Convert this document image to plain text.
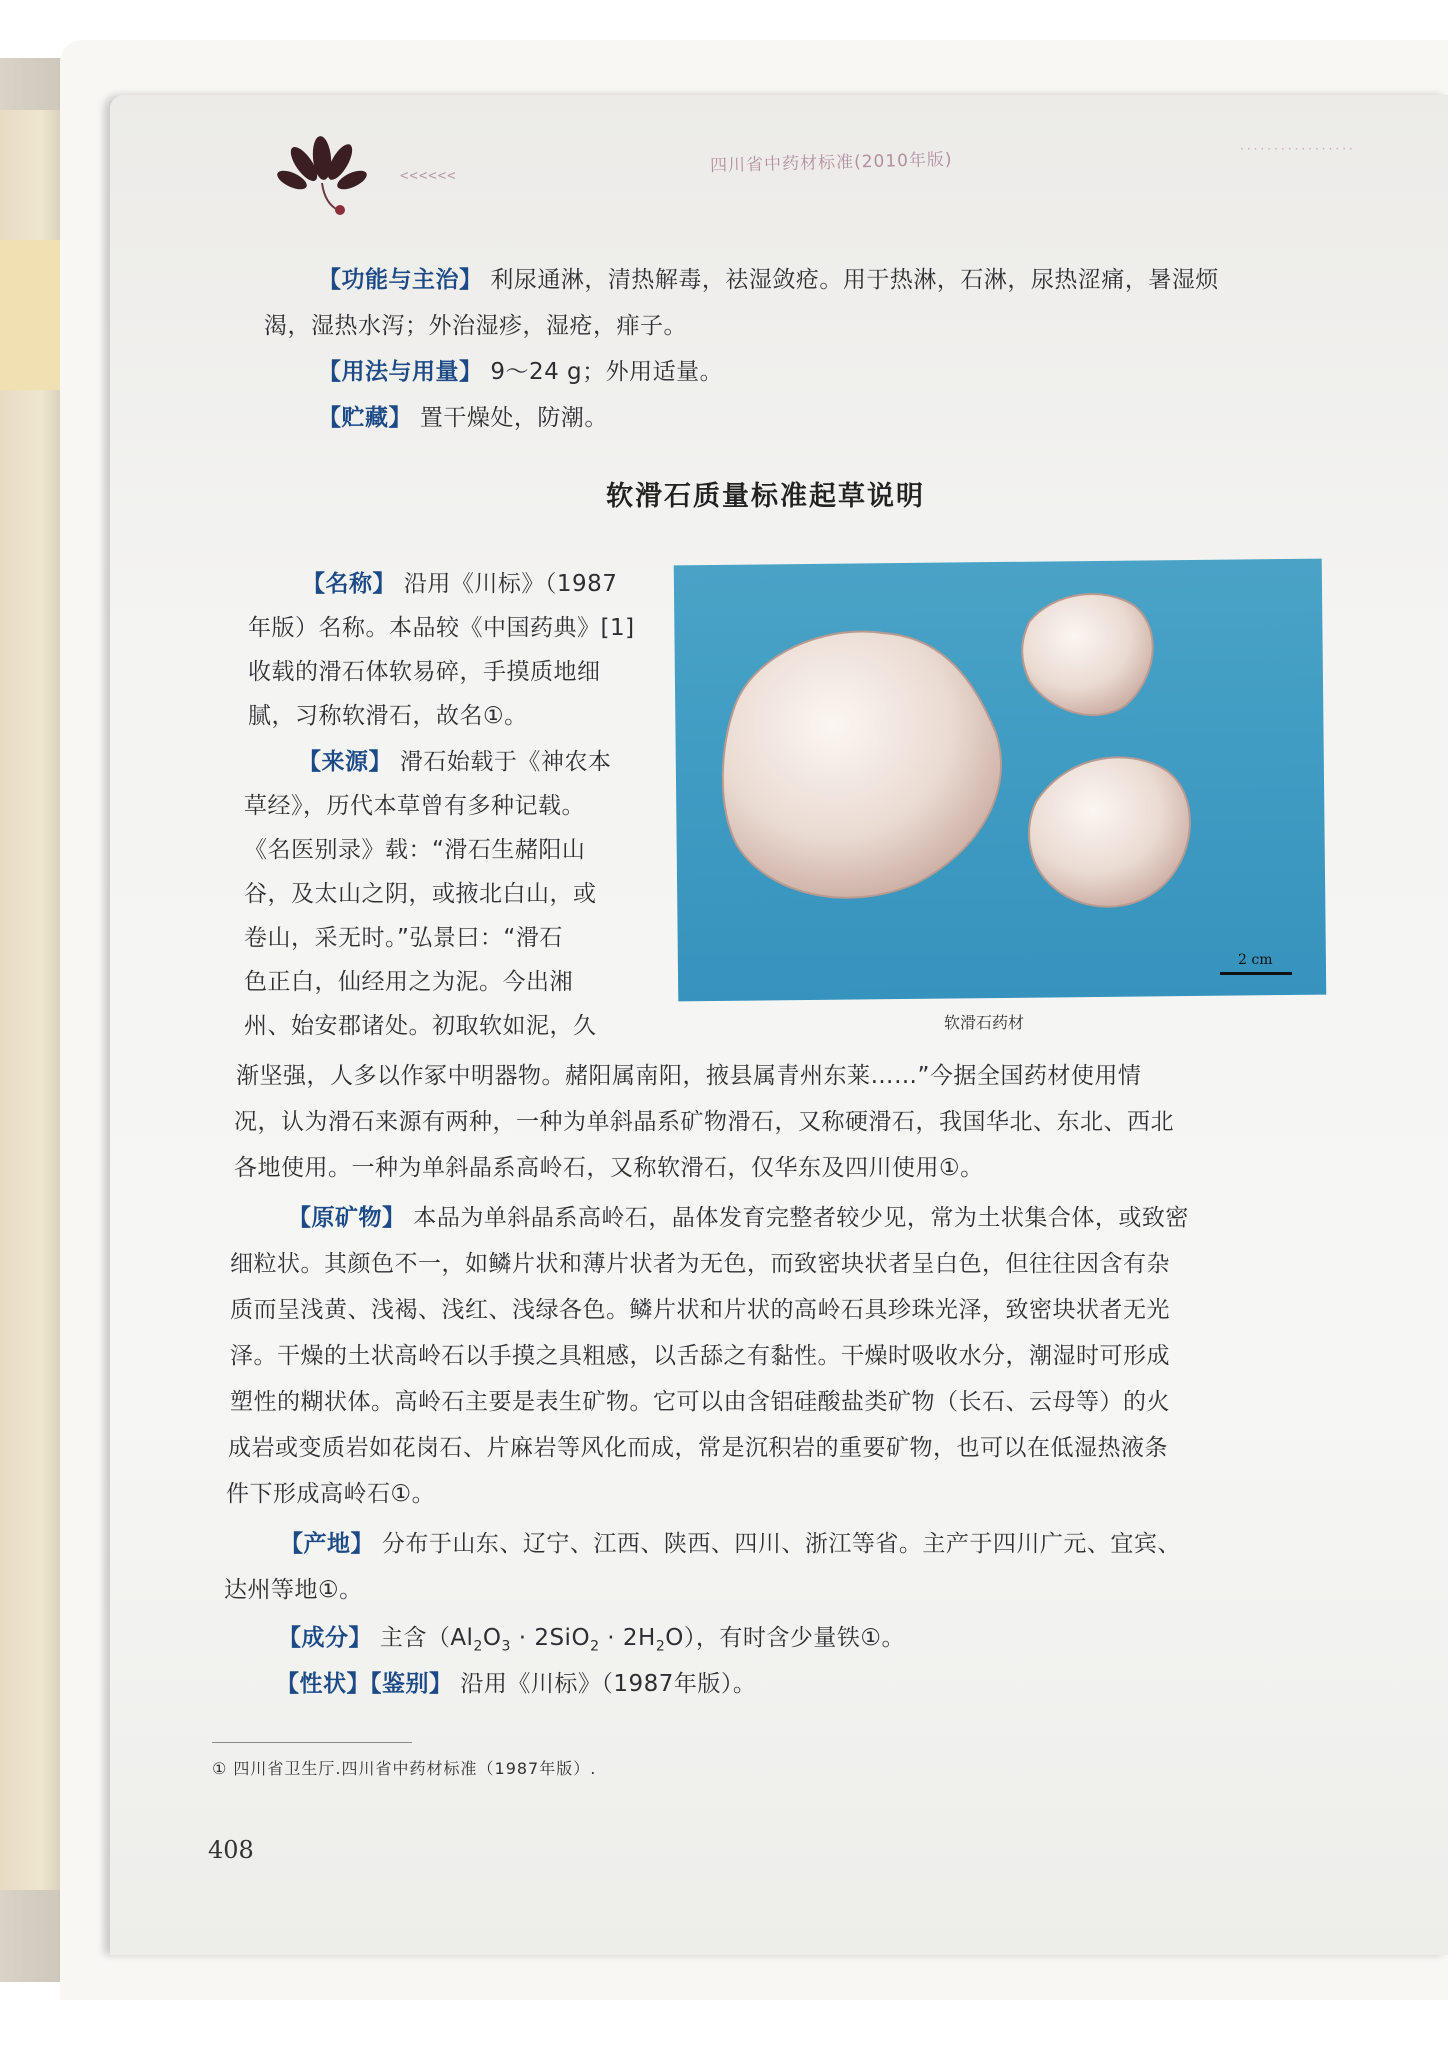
<<<<<<	四川省中药材标准(2010年版)
·················
【功能与主治】 利尿通淋，清热解毒，祛湿敛疮。用于热淋，石淋，尿热涩痛，暑湿烦
渴，湿热水泻；外治湿疹，湿疮，痱子。
【用法与用量】 9～24 g；外用适量。
【贮藏】 置干燥处，防潮。
软滑石质量标准起草说明
【名称】 沿用《川标》（1987
年版）名称。本品较《中国药典》[1]
收载的滑石体软易碎，手摸质地细
腻，习称软滑石，故名①。
【来源】 滑石始载于《神农本
草经》，历代本草曾有多种记载。
《名医别录》载：“滑石生赭阳山
谷，及太山之阴，或掖北白山，或
卷山，采无时。”弘景曰：“滑石
色正白，仙经用之为泥。今出湘
州、始安郡诸处。初取软如泥，久
渐坚强，人多以作冢中明器物。赭阳属南阳，掖县属青州东莱……”今据全国药材使用情
况，认为滑石来源有两种，一种为单斜晶系矿物滑石，又称硬滑石，我国华北、东北、西北
各地使用。一种为单斜晶系高岭石，又称软滑石，仅华东及四川使用①。
2 cm
软滑石药材
【原矿物】 本品为单斜晶系高岭石，晶体发育完整者较少见，常为土状集合体，或致密
细粒状。其颜色不一，如鳞片状和薄片状者为无色，而致密块状者呈白色，但往往因含有杂
质而呈浅黄、浅褐、浅红、浅绿各色。鳞片状和片状的高岭石具珍珠光泽，致密块状者无光
泽。干燥的土状高岭石以手摸之具粗感，以舌舔之有黏性。干燥时吸收水分，潮湿时可形成
塑性的糊状体。高岭石主要是表生矿物。它可以由含铝硅酸盐类矿物（长石、云母等）的火
成岩或变质岩如花岗石、片麻岩等风化而成，常是沉积岩的重要矿物，也可以在低湿热液条
件下形成高岭石①。
【产地】 分布于山东、辽宁、江西、陕西、四川、浙江等省。主产于四川广元、宜宾、
达州等地①。
【成分】 主含$(Al_2O_3 \cdot 2SiO_2 \cdot 2H_2O)$，有时含少量铁①。
【性状】【鉴别】 沿用《川标》（1987年版）。
① 四川省卫生厅.四川省中药材标准（1987年版）.
408
